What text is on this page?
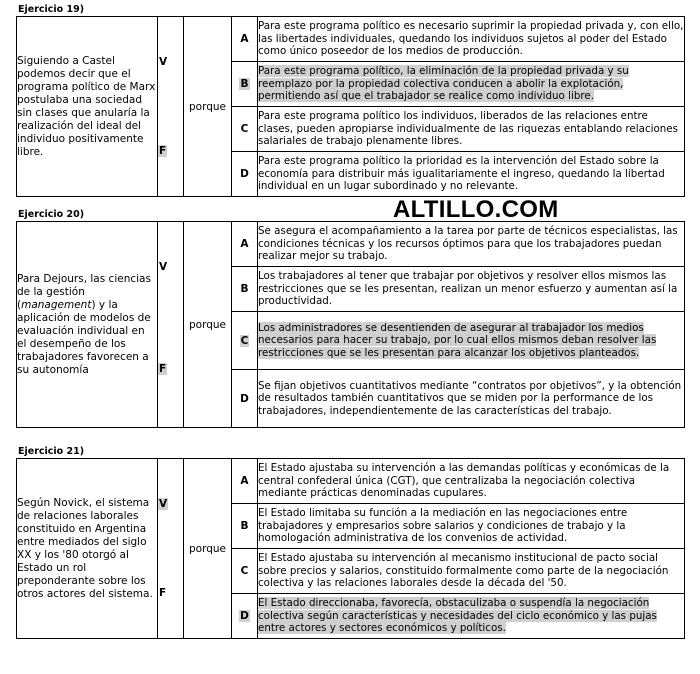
Ejercicio 19)
Siguiendo a Castel podemos decir que el programa político de Marx postulaba una sociedad sin clases que anularía la realización del ideal del individuo positivamente libre.	V	porque	A	Para este programa político es necesario suprimir la propiedad privada y, con ello, las libertades individuales, quedando los individuos sujetos al poder del Estado como único poseedor de los medios de producción.
			B	Para este programa político, la eliminación de la propiedad privada y su reemplazo por la propiedad colectiva conducen a abolir la explotación, permitiendo así que el trabajador se realice como individuo libre.
	F		C	Para este programa político los individuos, liberados de las relaciones entre clases, pueden apropiarse individualmente de las riquezas entablando relaciones salariales de trabajo plenamente libres.
			D	Para este programa político la prioridad es la intervención del Estado sobre la economía para distribuir más igualitariamente el ingreso, quedando la libertad individual en un lugar subordinado y no relevante.
ALTILLO.COM
Ejercicio 20)
Para Dejours, las ciencias de la gestión (management) y la aplicación de modelos de evaluación individual en el desempeño de los trabajadores favorecen a su autonomía	V	porque	A	Se asegura el acompañamiento a la tarea por parte de técnicos especialistas, las condiciones técnicas y los recursos óptimos para que los trabajadores puedan realizar mejor su trabajo.
			B	Los trabajadores al tener que trabajar por objetivos y resolver ellos mismos las restricciones que se les presentan, realizan un menor esfuerzo y aumentan así la productividad.
	F		C	Los administradores se desentienden de asegurar al trabajador los medios necesarios para hacer su trabajo, por lo cual ellos mismos deban resolver las restricciones que se les presentan para alcanzar los objetivos planteados.
			D	Se fijan objetivos cuantitativos mediante “contratos por objetivos”, y la obtención de resultados también cuantitativos que se miden por la performance de los trabajadores, independientemente de las características del trabajo.
Ejercicio 21)
Según Novick, el sistema de relaciones laborales constituido en Argentina entre mediados del siglo XX y los '80 otorgó al Estado un rol preponderante sobre los otros actores del sistema.	V	porque	A	El Estado ajustaba su intervención a las demandas políticas y económicas de la central confederal única (CGT), que centralizaba la negociación colectiva mediante prácticas denominadas cupulares.
			B	El Estado limitaba su función a la mediación en las negociaciones entre trabajadores y empresarios sobre salarios y condiciones de trabajo y la homologación administrativa de los convenios de actividad.
	F		C	El Estado ajustaba su intervención al mecanismo institucional de pacto social sobre precios y salarios, constituido formalmente como parte de la negociación colectiva y las relaciones laborales desde la década del '50.
			D	El Estado direccionaba, favorecía, obstaculizaba o suspendía la negociación colectiva según características y necesidades del ciclo económico y las pujas entre actores y sectores económicos y políticos.
